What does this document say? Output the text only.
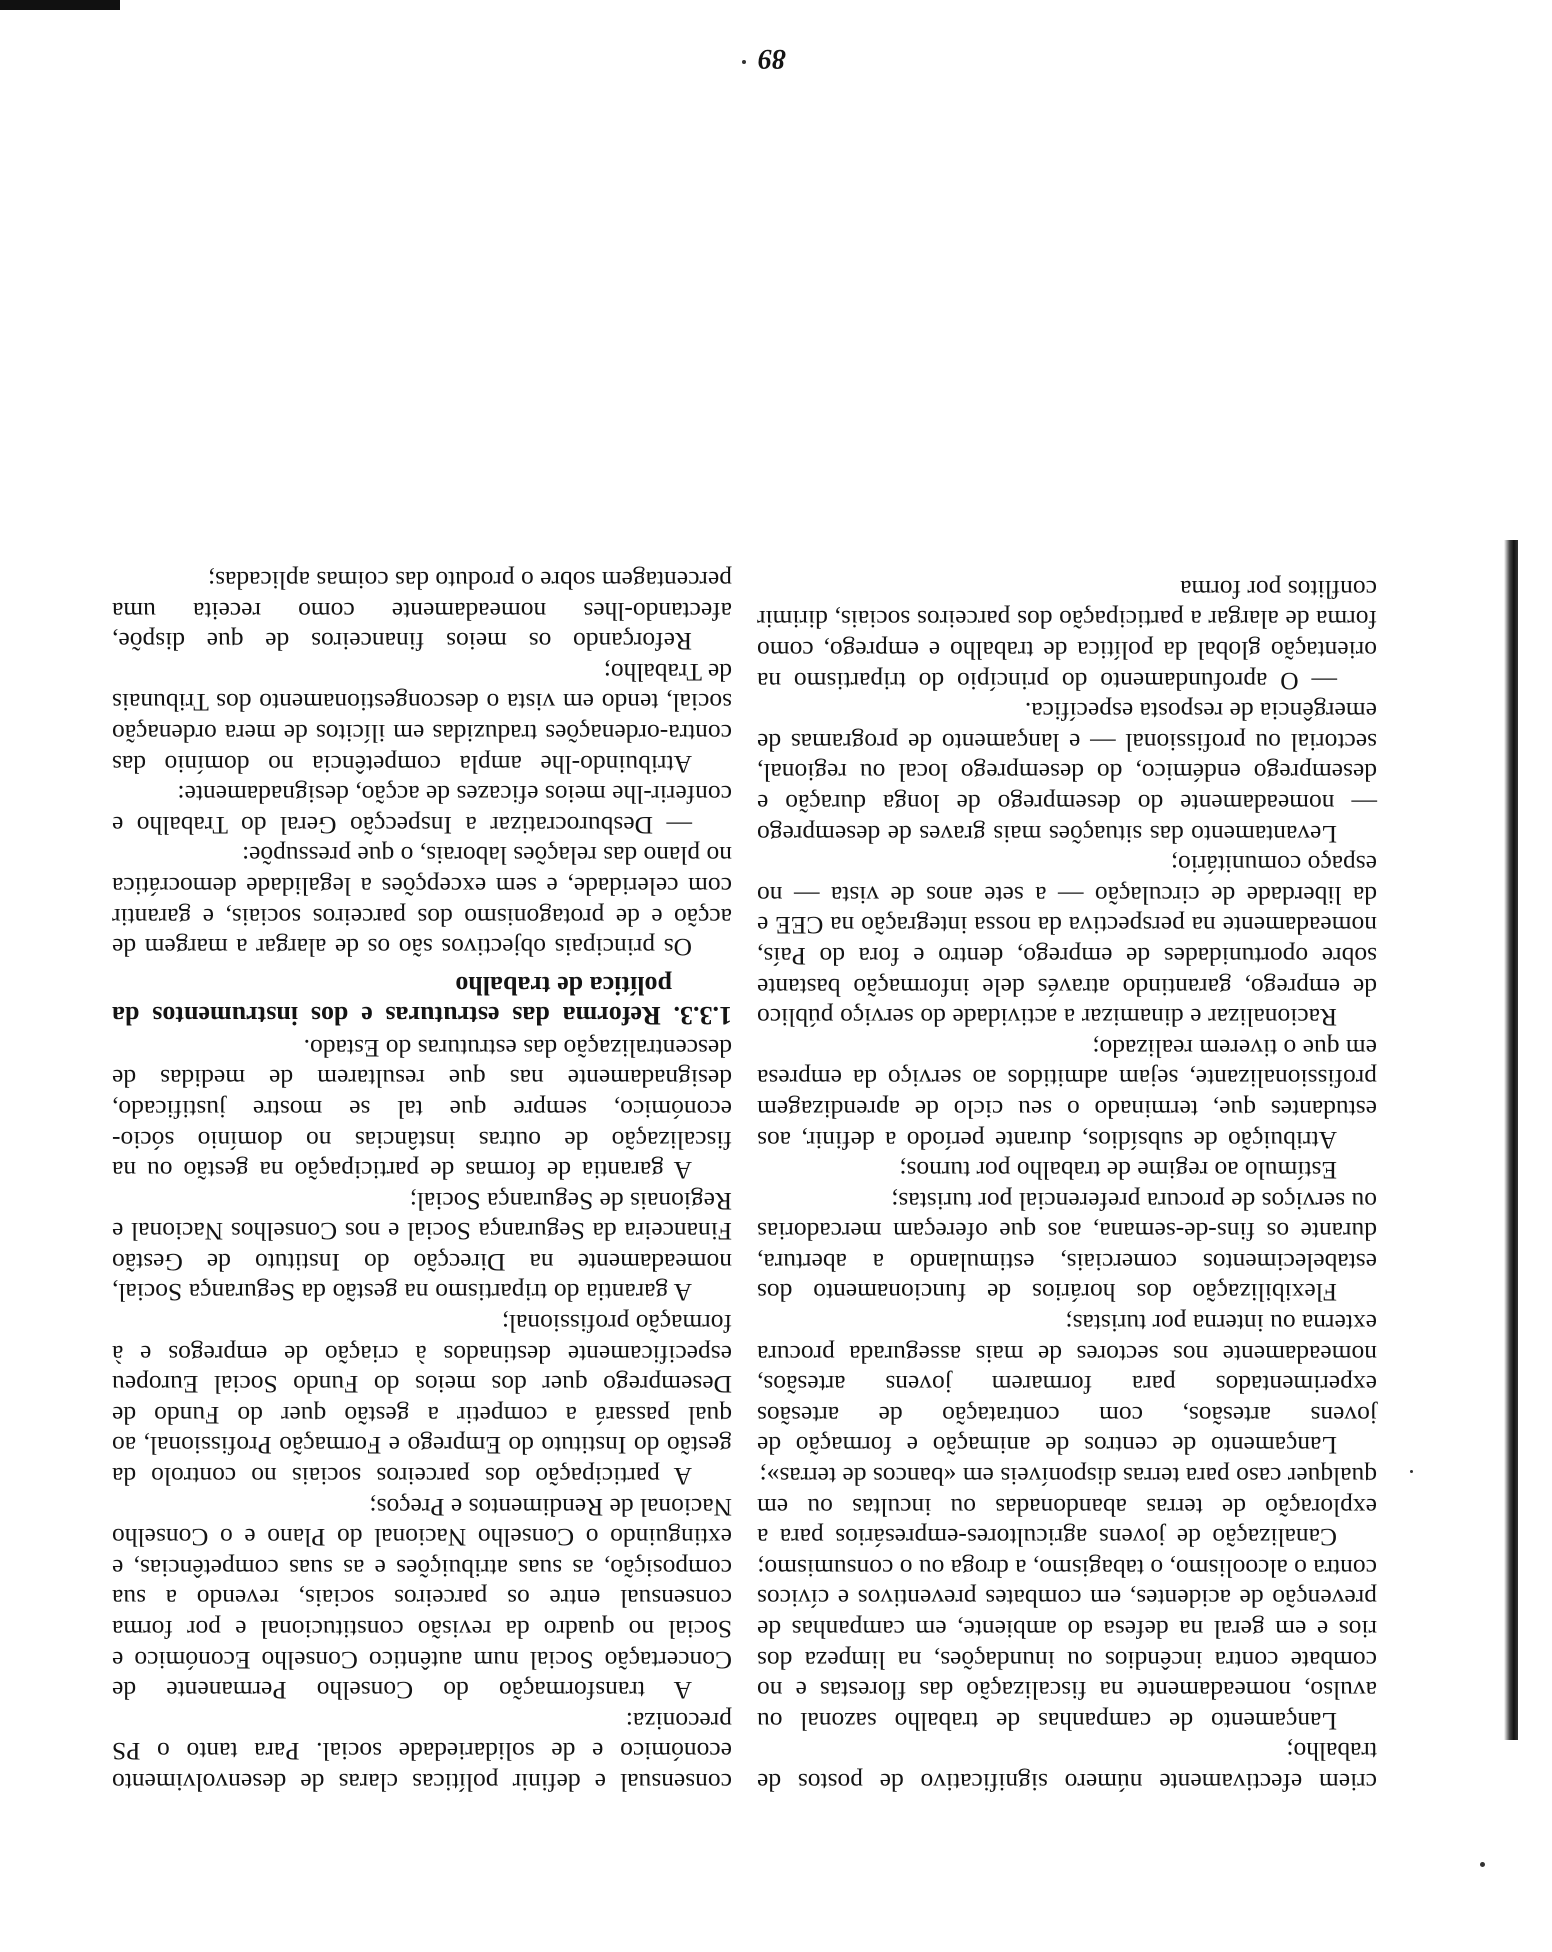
89

criem efectivamente número significativo de postos de trabalho;

Lançamento de campanhas de trabalho sazonal ou avulso, nomeadamente na fiscalização das florestas e no combate contra incêndios ou inundações, na limpeza dos rios e em geral na defesa do ambiente, em campanhas de prevenção de acidentes, em combates preventivos e cívicos contra o alcoolismo, o tabagismo, a droga ou o consumismo;

Canalização de jovens agricultores-empresários para a exploração de terras abandonadas ou incultas ou em qualquer caso para terras disponíveis em «bancos de terras»;

Lançamento de centros de animação e formação de jovens artesãos, com contratação de artesãos experimentados para formarem jovens artesãos, nomeadamente nos sectores de mais assegurada procura externa ou interna por turistas;

Flexibilização dos horários de funcionamento dos estabelecimentos comerciais, estimulando a abertura, durante os fins-de-semana, aos que ofereçam mercadorias ou serviços de procura preferencial por turistas;

Estímulo ao regime de trabalho por turnos;

Atribuição de subsídios, durante período a definir, aos estudantes que, terminado o seu ciclo de aprendizagem profissionalizante, sejam admitidos ao serviço da empresa em que o tiverem realizado;

Racionalizar e dinamizar a actividade do serviço público de emprego, garantindo através dele informação bastante sobre oportunidades de emprego, dentro e fora do País, nomeadamente na perspectiva da nossa integração na CEE e da liberdade de circulação — a sete anos de vista — no espaço comunitário;

Levantamento das situações mais graves de desemprego — nomeadamente do desemprego de longa duração e desemprego endémico, do desemprego local ou regional, sectorial ou profissional — e lançamento de programas de emergência de resposta específica.

— O aprofundamento do princípio do tripartismo na orientação global da política de trabalho e emprego, como forma de alargar a participação dos parceiros sociais, dirimir conflitos por forma

consensual e definir políticas claras de desenvolvimento económico e de solidariedade social. Para tanto o PS preconiza:

A transformação do Conselho Permanente de Concertação Social num autêntico Conselho Económico e Social no quadro da revisão constitucional e por forma consensual entre os parceiros sociais, revendo a sua composição, as suas atribuições e as suas competências, e extinguindo o Conselho Nacional do Plano e o Conselho Nacional de Rendimentos e Preços;

A participação dos parceiros sociais no controlo da gestão do Instituto do Emprego e Formação Profissional, ao qual passará a competir a gestão quer do Fundo de Desemprego quer dos meios do Fundo Social Europeu especificamente destinados à criação de empregos e à formação profissional;

A garantia do tripartismo na gestão da Segurança Social, nomeadamente na Direcção do Instituto de Gestão Financeira da Segurança Social e nos Conselhos Nacional e Regionais de Segurança Social;

A garantia de formas de participação na gestão ou na fiscalização de outras instâncias no domínio sócio-económico, sempre que tal se mostre justificado, designadamente nas que resultarem de medidas de descentralização das estruturas do Estado.

1.3.3. Reforma das estruturas e dos instrumentos da política de trabalho

Os principais objectivos são os de alargar a margem de acção e de protagonismo dos parceiros sociais, e garantir com celeridade, e sem excepções a legalidade democrática no plano das relações laborais, o que pressupõe:

— Desburocratizar a Inspecção Geral do Trabalho e conferir-lhe meios eficazes de acção, designadamente:

Atribuindo-lhe ampla competência no domínio das contra-ordenações traduzidas em ilícitos de mera ordenação social, tendo em vista o descongestionamento dos Tribunais de Trabalho;

Reforçando os meios financeiros de que dispõe, afectando-lhes nomeadamente como receita uma percentagem sobre o produto das coimas aplicadas;
